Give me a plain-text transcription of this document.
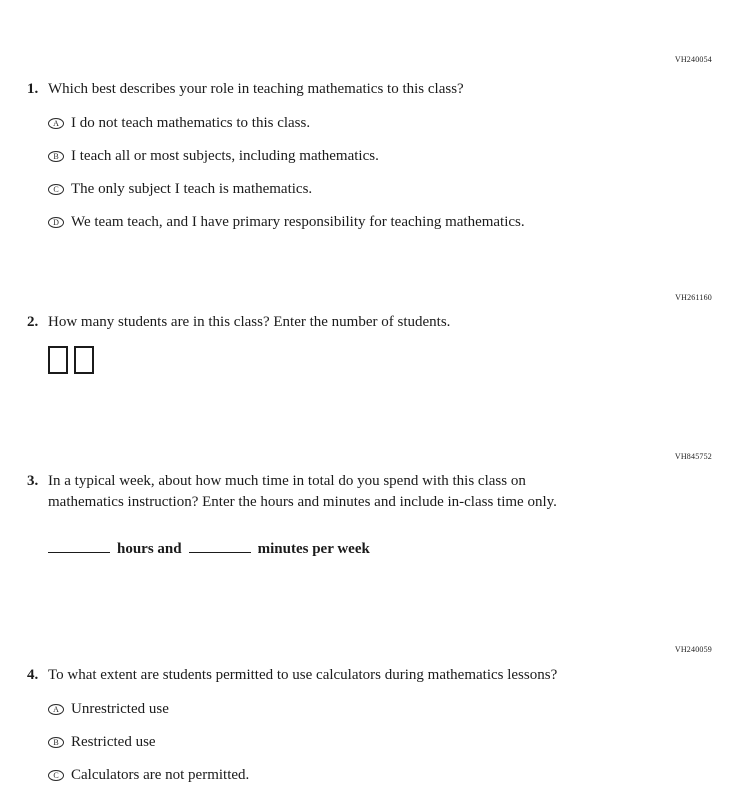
VH240054
1. Which best describes your role in teaching mathematics to this class?
A I do not teach mathematics to this class.
B I teach all or most subjects, including mathematics.
C The only subject I teach is mathematics.
D We team teach, and I have primary responsibility for teaching mathematics.
VH261160
2. How many students are in this class? Enter the number of students.
VH845752
3. In a typical week, about how much time in total do you spend with this class on mathematics instruction? Enter the hours and minutes and include in-class time only.
hours and	minutes per week
VH240059
4. To what extent are students permitted to use calculators during mathematics lessons?
A Unrestricted use
B Restricted use
C Calculators are not permitted.
